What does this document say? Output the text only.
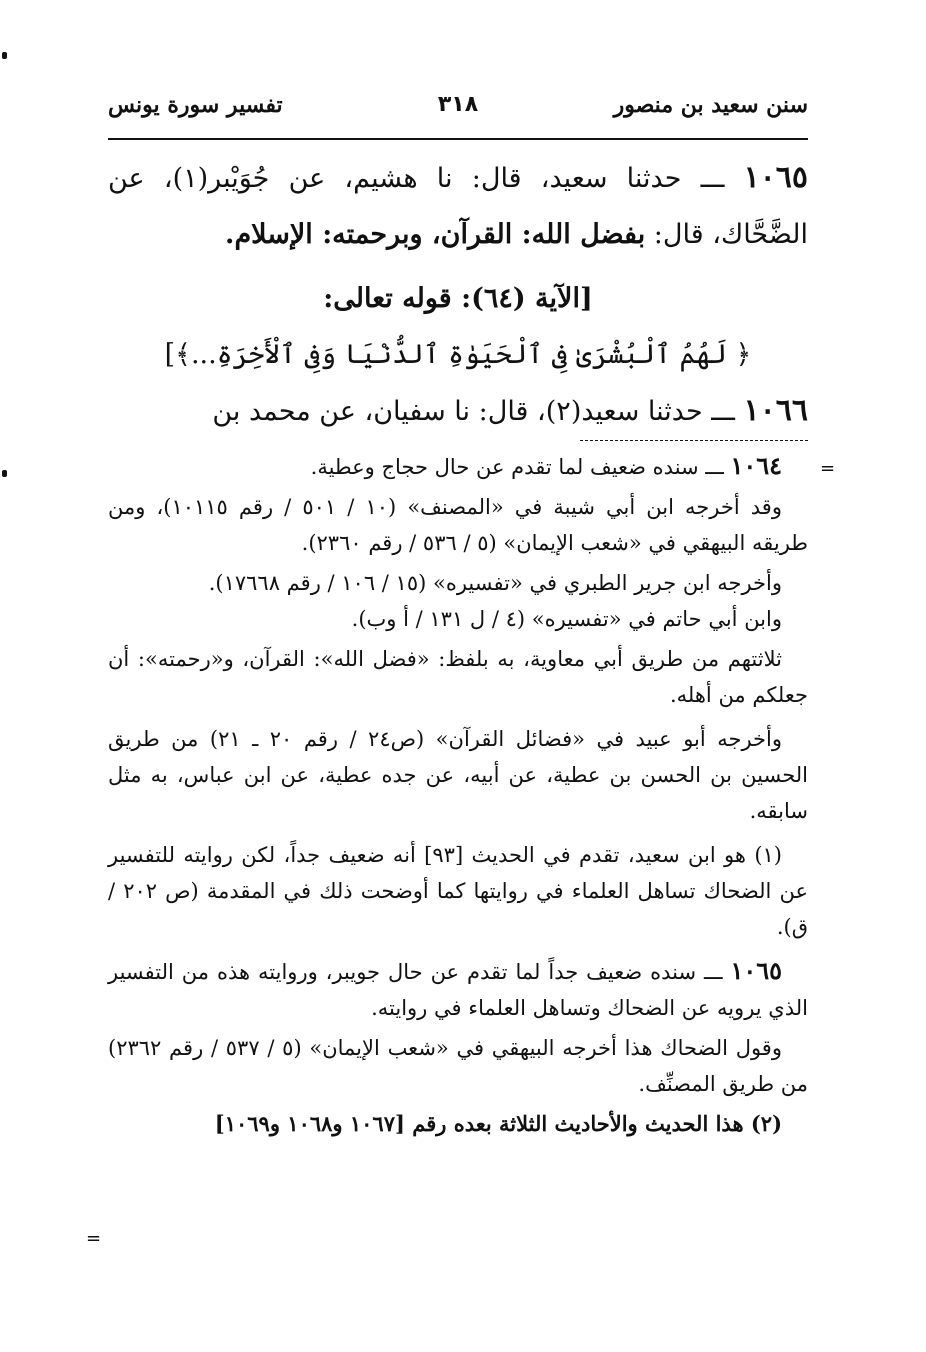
سنن سعيد بن منصور
٣١٨
تفسير سورة يونس

١٠٦٥ ـــ حدثنا سعيد، قال: نا هشيم، عن جُوَيْبر(١)، عن الضَّحَّاك، قال: بفضل الله: القرآن، وبرحمته: الإسلام.

[الآية (٦٤): قوله تعالى:

﴿ لَهُمُ ٱلْبُشْرَىٰ فِى ٱلْحَيَوٰةِ ٱلدُّنْيَا وَفِى ٱلْأَخِرَةِ...﴾]

١٠٦٦ ـــ حدثنا سعيد(٢)، قال: نا سفيان، عن محمد بن

١٠٦٤ ـــ سنده ضعيف لما تقدم عن حال حجاج وعطية.

وقد أخرجه ابن أبي شيبة في «المصنف» (١٠ / ٥٠١ / رقم ١٠١١٥)، ومن طريقه البيهقي في «شعب الإيمان» (٥ / ٥٣٦ / رقم ٢٣٦٠).

وأخرجه ابن جرير الطبري في «تفسيره» (١٥ / ١٠٦ / رقم ١٧٦٦٨).

وابن أبي حاتم في «تفسيره» (٤ / ل ١٣١ / أ وب).

ثلاثتهم من طريق أبي معاوية، به بلفظ: «فضل الله»: القرآن، و«رحمته»: أن جعلكم من أهله.

وأخرجه أبو عبيد في «فضائل القرآن» (ص٢٤ / رقم ٢٠ ـ ٢١) من طريق الحسين بن الحسن بن عطية، عن أبيه، عن جده عطية، عن ابن عباس، به مثل سابقه.

(١) هو ابن سعيد، تقدم في الحديث [٩٣] أنه ضعيف جداً، لكن روايته للتفسير عن الضحاك تساهل العلماء في روايتها كما أوضحت ذلك في المقدمة (ص ٢٠٢ / ق).

١٠٦٥ ـــ سنده ضعيف جداً لما تقدم عن حال جويبر، وروايته هذه من التفسير الذي يرويه عن الضحاك وتساهل العلماء في روايته.

وقول الضحاك هذا أخرجه البيهقي في «شعب الإيمان» (٥ / ٥٣٧ / رقم ٢٣٦٢) من طريق المصنِّف.

(٢) هذا الحديث والأحاديث الثلاثة بعده رقم [١٠٦٧ و١٠٦٨ و١٠٦٩]

=
=
